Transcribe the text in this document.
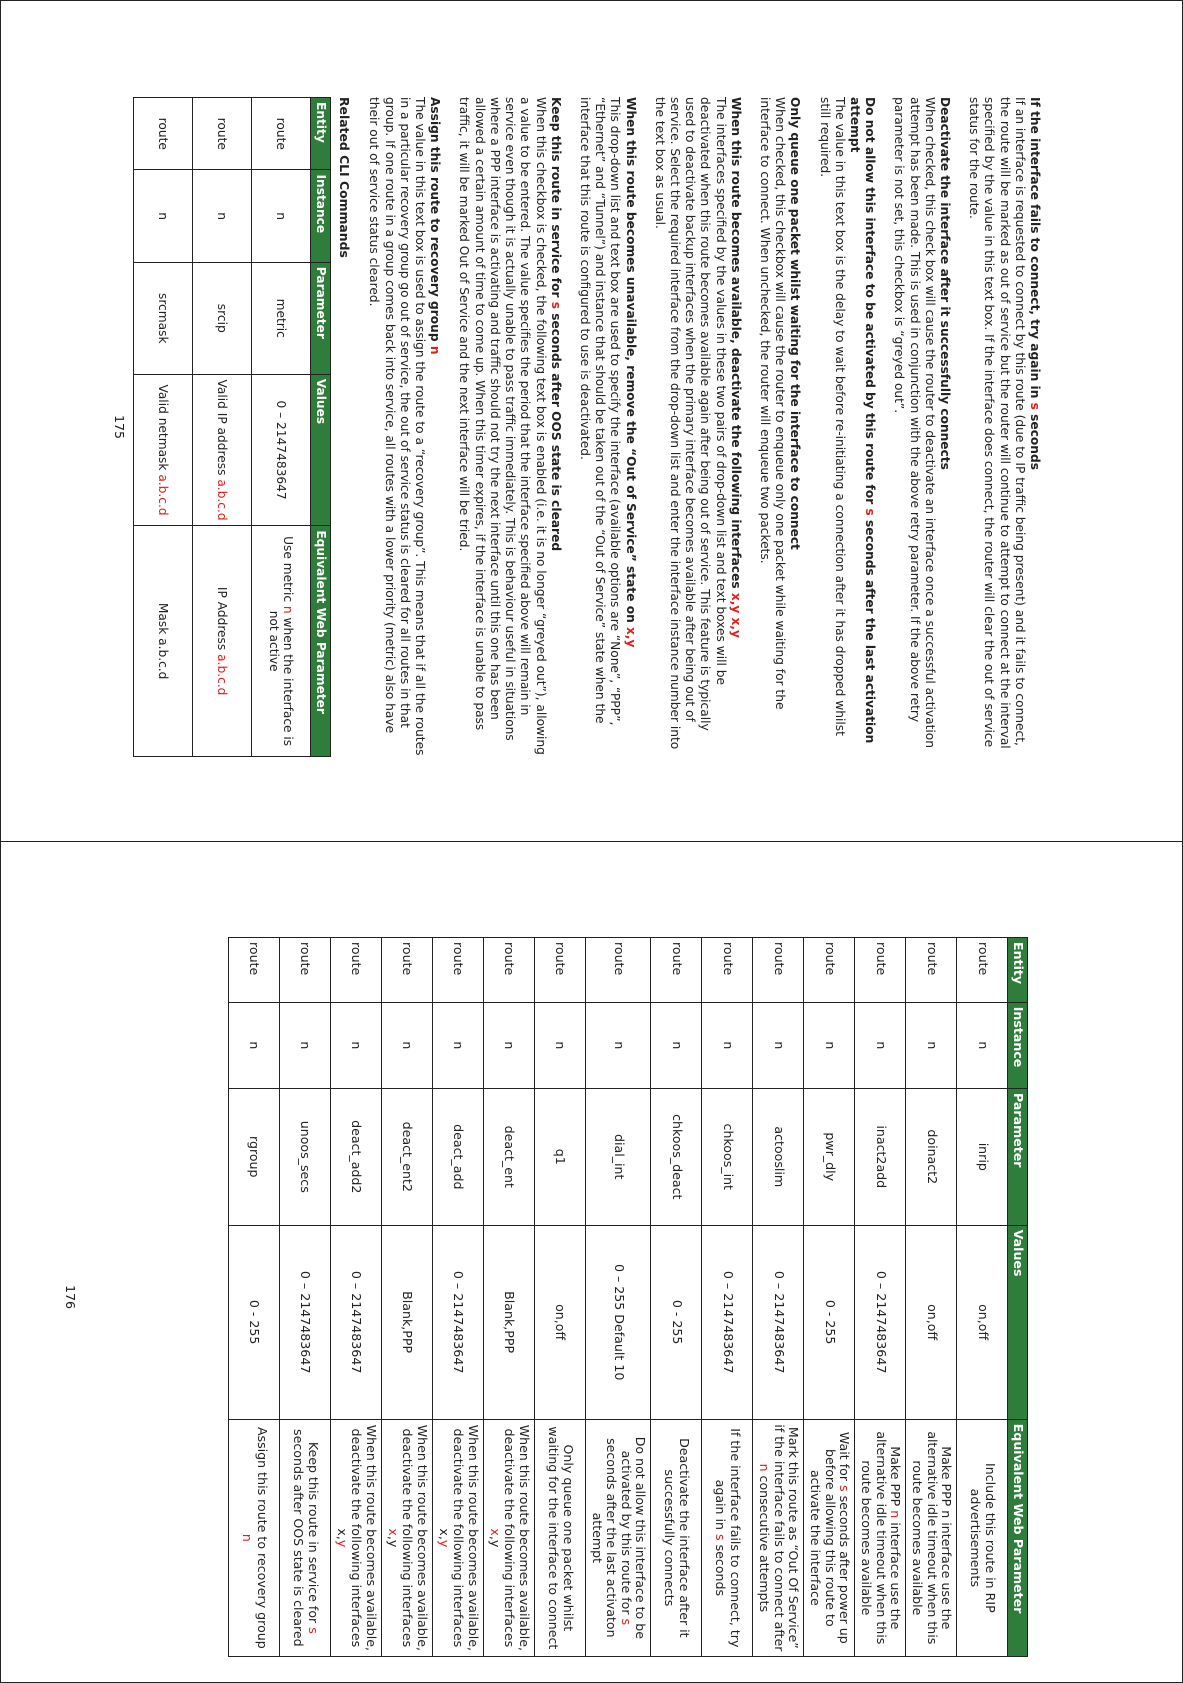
If the interface fails to connect, try again in s seconds

If an interface is requested to connect by this route (due to IP traffic being present) and it fails to connect, the route will be marked as out of service but the router will continue to attempt to connect at the interval specified by the value in this text box. If the interface does connect, the router will clear the out of service status for the route.

Deactivate the interface after it successfully connects

When checked, this check box will cause the router to deactivate an interface once a successful activation attempt has been made. This is used in conjunction with the above retry parameter. If the above retry parameter is not set, this checkbox is “greyed out”.

Do not allow this interface to be activated by this route for s seconds after the last activation attempt

The value in this text box is the delay to wait before re-initiating a connection after it has dropped whilst still required.

Only queue one packet whilst waiting for the interface to connect

When checked, this checkbox will cause the router to enqueue only one packet while waiting for the interface to connect. When unchecked, the router will enqueue two packets.

When this route becomes available, deactivate the following interfaces x,y x,y

The interfaces specified by the values in these two pairs of drop-down list and text boxes will be deactivated when this route becomes available again after being out of service. This feature is typically used to deactivate backup interfaces when the primary interface becomes available after being out of service. Select the required interface from the drop-down list and enter the interface instance number into the text box as usual.

When this route becomes unavailable, remove the “Out of Service” state on x,y

This drop-down list and text box are used to specify the interface (available options are “None”, “PPP”, “Ethernet” and “Tunnel”) and instance that should be taken out of the “Out of Service” state when the interface that this route is configured to use is deactivated.

Keep this route in service for s seconds after OOS state is cleared

When this checkbox is checked, the following text box is enabled (i.e. it is no longer “greyed out”), allowing a value to be entered. The value specifies the period that the interface specified above will remain in service even though it is actually unable to pass traffic immediately. This is behaviour useful in situations where a PPP interface is activating and traffic should not try the next interface until this one has been allowed a certain amount of time to come up. When this timer expires, if the interface is unable to pass traffic, it will be marked Out of Service and the next interface will be tried.

Assign this route to recovery group n

The value in this text box is used to assign the route to a “recovery group”. This means that if all the routes in a particular recovery group go out of service, the out of service status is cleared for all routes in that group. If one route in a group comes back into service, all routes with a lower priority (metric) also have their out of service status cleared.

Related CLI Commands
Entity	Instance	Parameter	Values	Equivalent Web Parameter
route	n	metric	0 – 2147483647	Use metric n when the interface is not active
route	n	srcip	Valid IP address a.b.c.d	IP Address a.b.c.d
route	n	srcmask	Valid netmask a.b.c.d	Mask a.b.c.d
175
Entity	Instance	Parameter	Values	Equivalent Web Parameter
route	n	inrip	on,off	Include this route in RIP advertisements
route	n	doinact2	on,off	Make PPP n interface use the alternative idle timeout when this route becomes available
route	n	inact2add	0 – 2147483647	Make PPP n interface use the alternative idle timeout when this route becomes available
route	n	pwr_dly	0 - 255	Wait for s seconds after power up before allowing this route to activate the interface
route	n	actooslim	0 – 2147483647	Mark this route as “Out Of Service” if the interface fails to connect after n consecutive attempts
route	n	chkoos_int	0 – 2147483647	If the interface fails to connect, try again in s seconds
route	n	chkoos_deact	0 - 255	Deactivate the interface after it successfully connects
route	n	dial_int	0 – 255 Default 10	Do not allow this interface to be activated by this route for s seconds after the last activaton attempt
route	n	q1	on,off	Only queue one packet whilst waiting for the interface to connect
route	n	deact_ent	Blank,PPP	When this route becomes available, deactivate the following interfaces x,y
route	n	deact_add	0 – 2147483647	When this route becomes available, deactivate the following interfaces x,y
route	n	deact_ent2	Blank,PPP	When this route becomes available, deactivate the following interfaces x,y
route	n	deact_add2	0 – 2147483647	When this route becomes available, deactivate the following interfaces x,y
route	n	unoos_secs	0 – 2147483647	Keep this route in service for s seconds after OOS state is cleared
route	n	rgroup	0 - 255	Assign this route to recovery group n
176
